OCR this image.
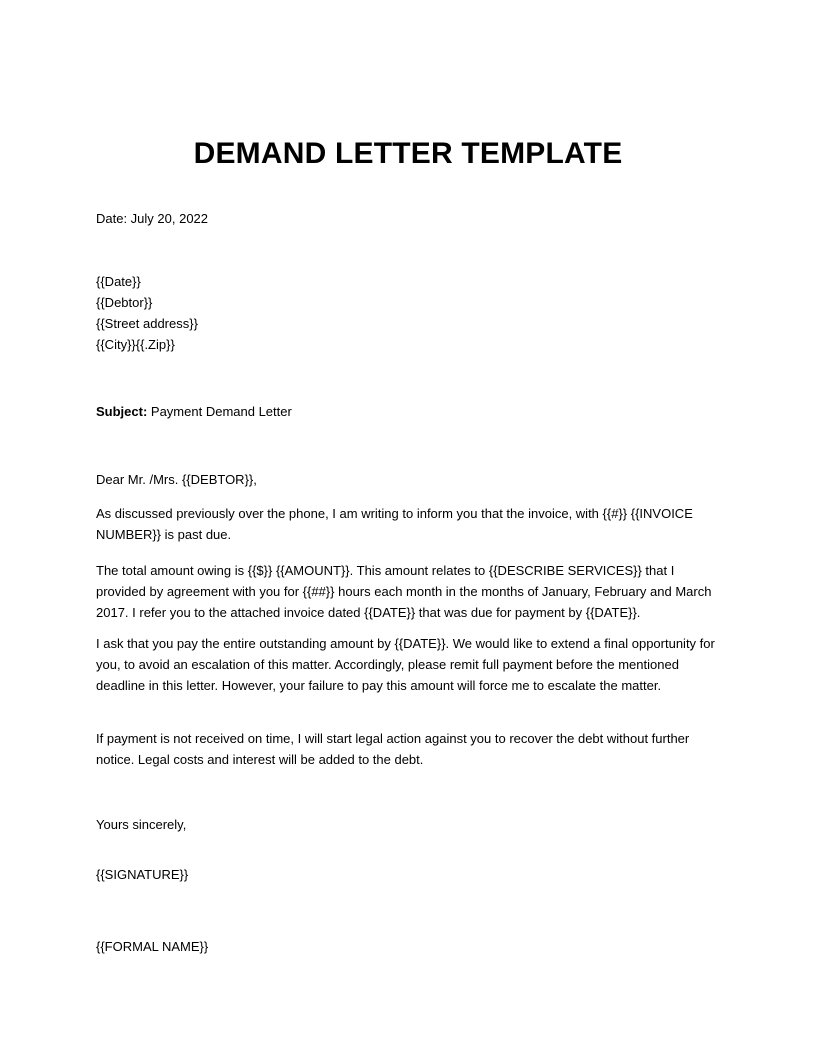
DEMAND LETTER TEMPLATE

Date: July 20, 2022

{{Date}}
{{Debtor}}
{{Street address}}
{{City}}{{.Zip}}

Subject: Payment Demand Letter

Dear Mr. /Mrs. {{DEBTOR}},

As discussed previously over the phone, I am writing to inform you that the invoice, with {{#}} {{INVOICE NUMBER}} is past due.

The total amount owing is {{$}} {{AMOUNT}}. This amount relates to {{DESCRIBE SERVICES}} that I provided by agreement with you for {{##}} hours each month in the months of January, February and March 2017. I refer you to the attached invoice dated {{DATE}} that was due for payment by {{DATE}}.

I ask that you pay the entire outstanding amount by {{DATE}}. We would like to extend a final opportunity for you, to avoid an escalation of this matter. Accordingly, please remit full payment before the mentioned deadline in this letter. However, your failure to pay this amount will force me to escalate the matter.

If payment is not received on time, I will start legal action against you to recover the debt without further notice. Legal costs and interest will be added to the debt.

Yours sincerely,

{{SIGNATURE}}

{{FORMAL NAME}}
